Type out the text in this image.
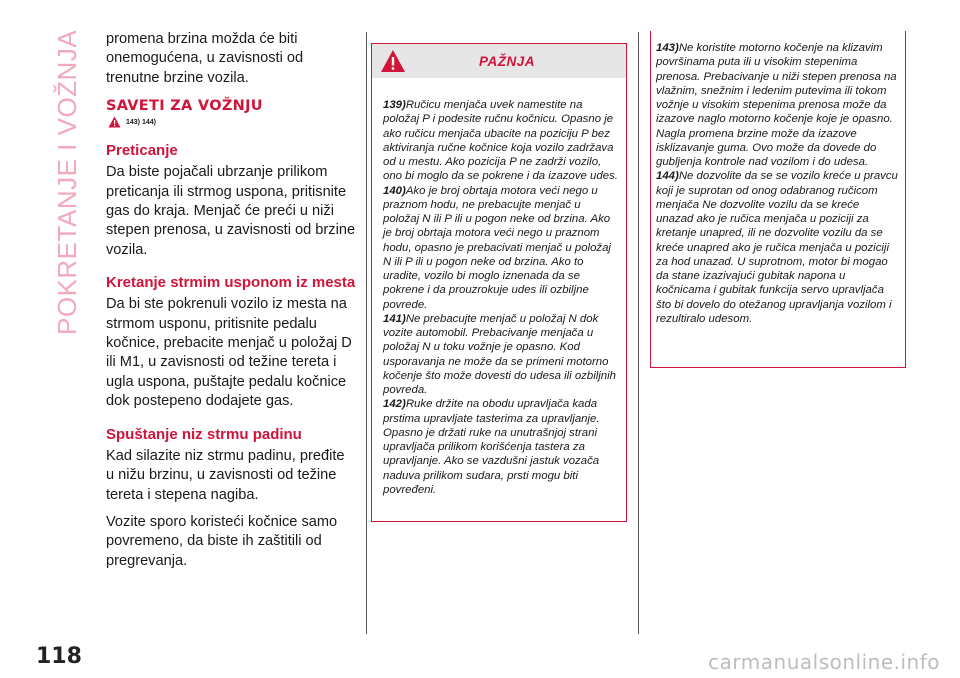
POKRETANJE I VOŽNJA
118	carmanualsonline.info

promena brzina možda će biti onemogućena, u zavisnosti od trenutne brzine vozila.

SAVETI ZA VOŽNJU
143) 144)
Preticanje

Da biste pojačali ubrzanje prilikom preticanja ili strmog uspona, pritisnite gas do kraja. Menjač će preći u niži stepen prenosa, u zavisnosti od brzine vozila.

Kretanje strmim usponom iz mesta

Da bi ste pokrenuli vozilo iz mesta na strmom usponu, pritisnite pedalu kočnice, prebacite menjač u položaj D ili M1, u zavisnosti od težine tereta i ugla uspona, puštajte pedalu kočnice dok postepeno dodajete gas.

Spuštanje niz strmu padinu

Kad silazite niz strmu padinu, pređite u nižu brzinu, u zavisnosti od težine tereta i stepena nagiba.

Vozite sporo koristeći kočnice samo povremeno, da biste ih zaštitili od pregrevanja.

PAŽNJA

139)Ručicu menjača uvek namestite na položaj P i podesite ručnu kočnicu. Opasno je ako ručicu menjača ubacite na poziciju P bez aktiviranja ručne kočnice koja vozilo zadržava od u mestu. Ako pozicija P ne zadrži vozilo, ono bi moglo da se pokrene i da izazove udes.

140)Ako je broj obrtaja motora veći nego u praznom hodu, ne prebacujte menjač u položaj N ili P ili u pogon neke od brzina. Ako je broj obrtaja motora veći nego u praznom hodu, opasno je prebacivati menjač u položaj N ili P ili u pogon neke od brzina. Ako to uradite, vozilo bi moglo iznenada da se pokrene i da prouzrokuje udes ili ozbiljne povrede.

141)Ne prebacujte menjač u položaj N dok vozite automobil. Prebacivanje menjača u položaj N u toku vožnje je opasno. Kod usporavanja ne može da se primeni motorno kočenje što može dovesti do udesa ili ozbiljnih povreda.

142)Ruke držite na obodu upravljača kada prstima upravljate tasterima za upravljanje. Opasno je držati ruke na unutrašnjoj strani upravljača prilikom korišćenja tastera za upravljanje. Ako se vazdušni jastuk vozača naduva prilikom sudara, prsti mogu biti povređeni.

143)Ne koristite motorno kočenje na klizavim površinama puta ili u visokim stepenima prenosa. Prebacivanje u niži stepen prenosa na vlažnim, snežnim i ledenim putevima ili tokom vožnje u visokim stepenima prenosa može da izazove naglo motorno kočenje koje je opasno. Nagla promena brzine može da izazove isklizavanje guma. Ovo može da dovede do gubljenja kontrole nad vozilom i do udesa.

144)Ne dozvolite da se se vozilo kreće u pravcu koji je suprotan od onog odabranog ručicom menjača Ne dozvolite vozilu da se kreće unazad ako je ručica menjača u poziciji za kretanje unapred, ili ne dozvolite vozilu da se kreće unapred ako je ručica menjača u poziciji za hod unazad. U suprotnom, motor bi mogao da stane izazivajući gubitak napona u kočnicama i gubitak funkcija servo upravljača što bi dovelo do otežanog upravljanja vozilom i rezultiralo udesom.
